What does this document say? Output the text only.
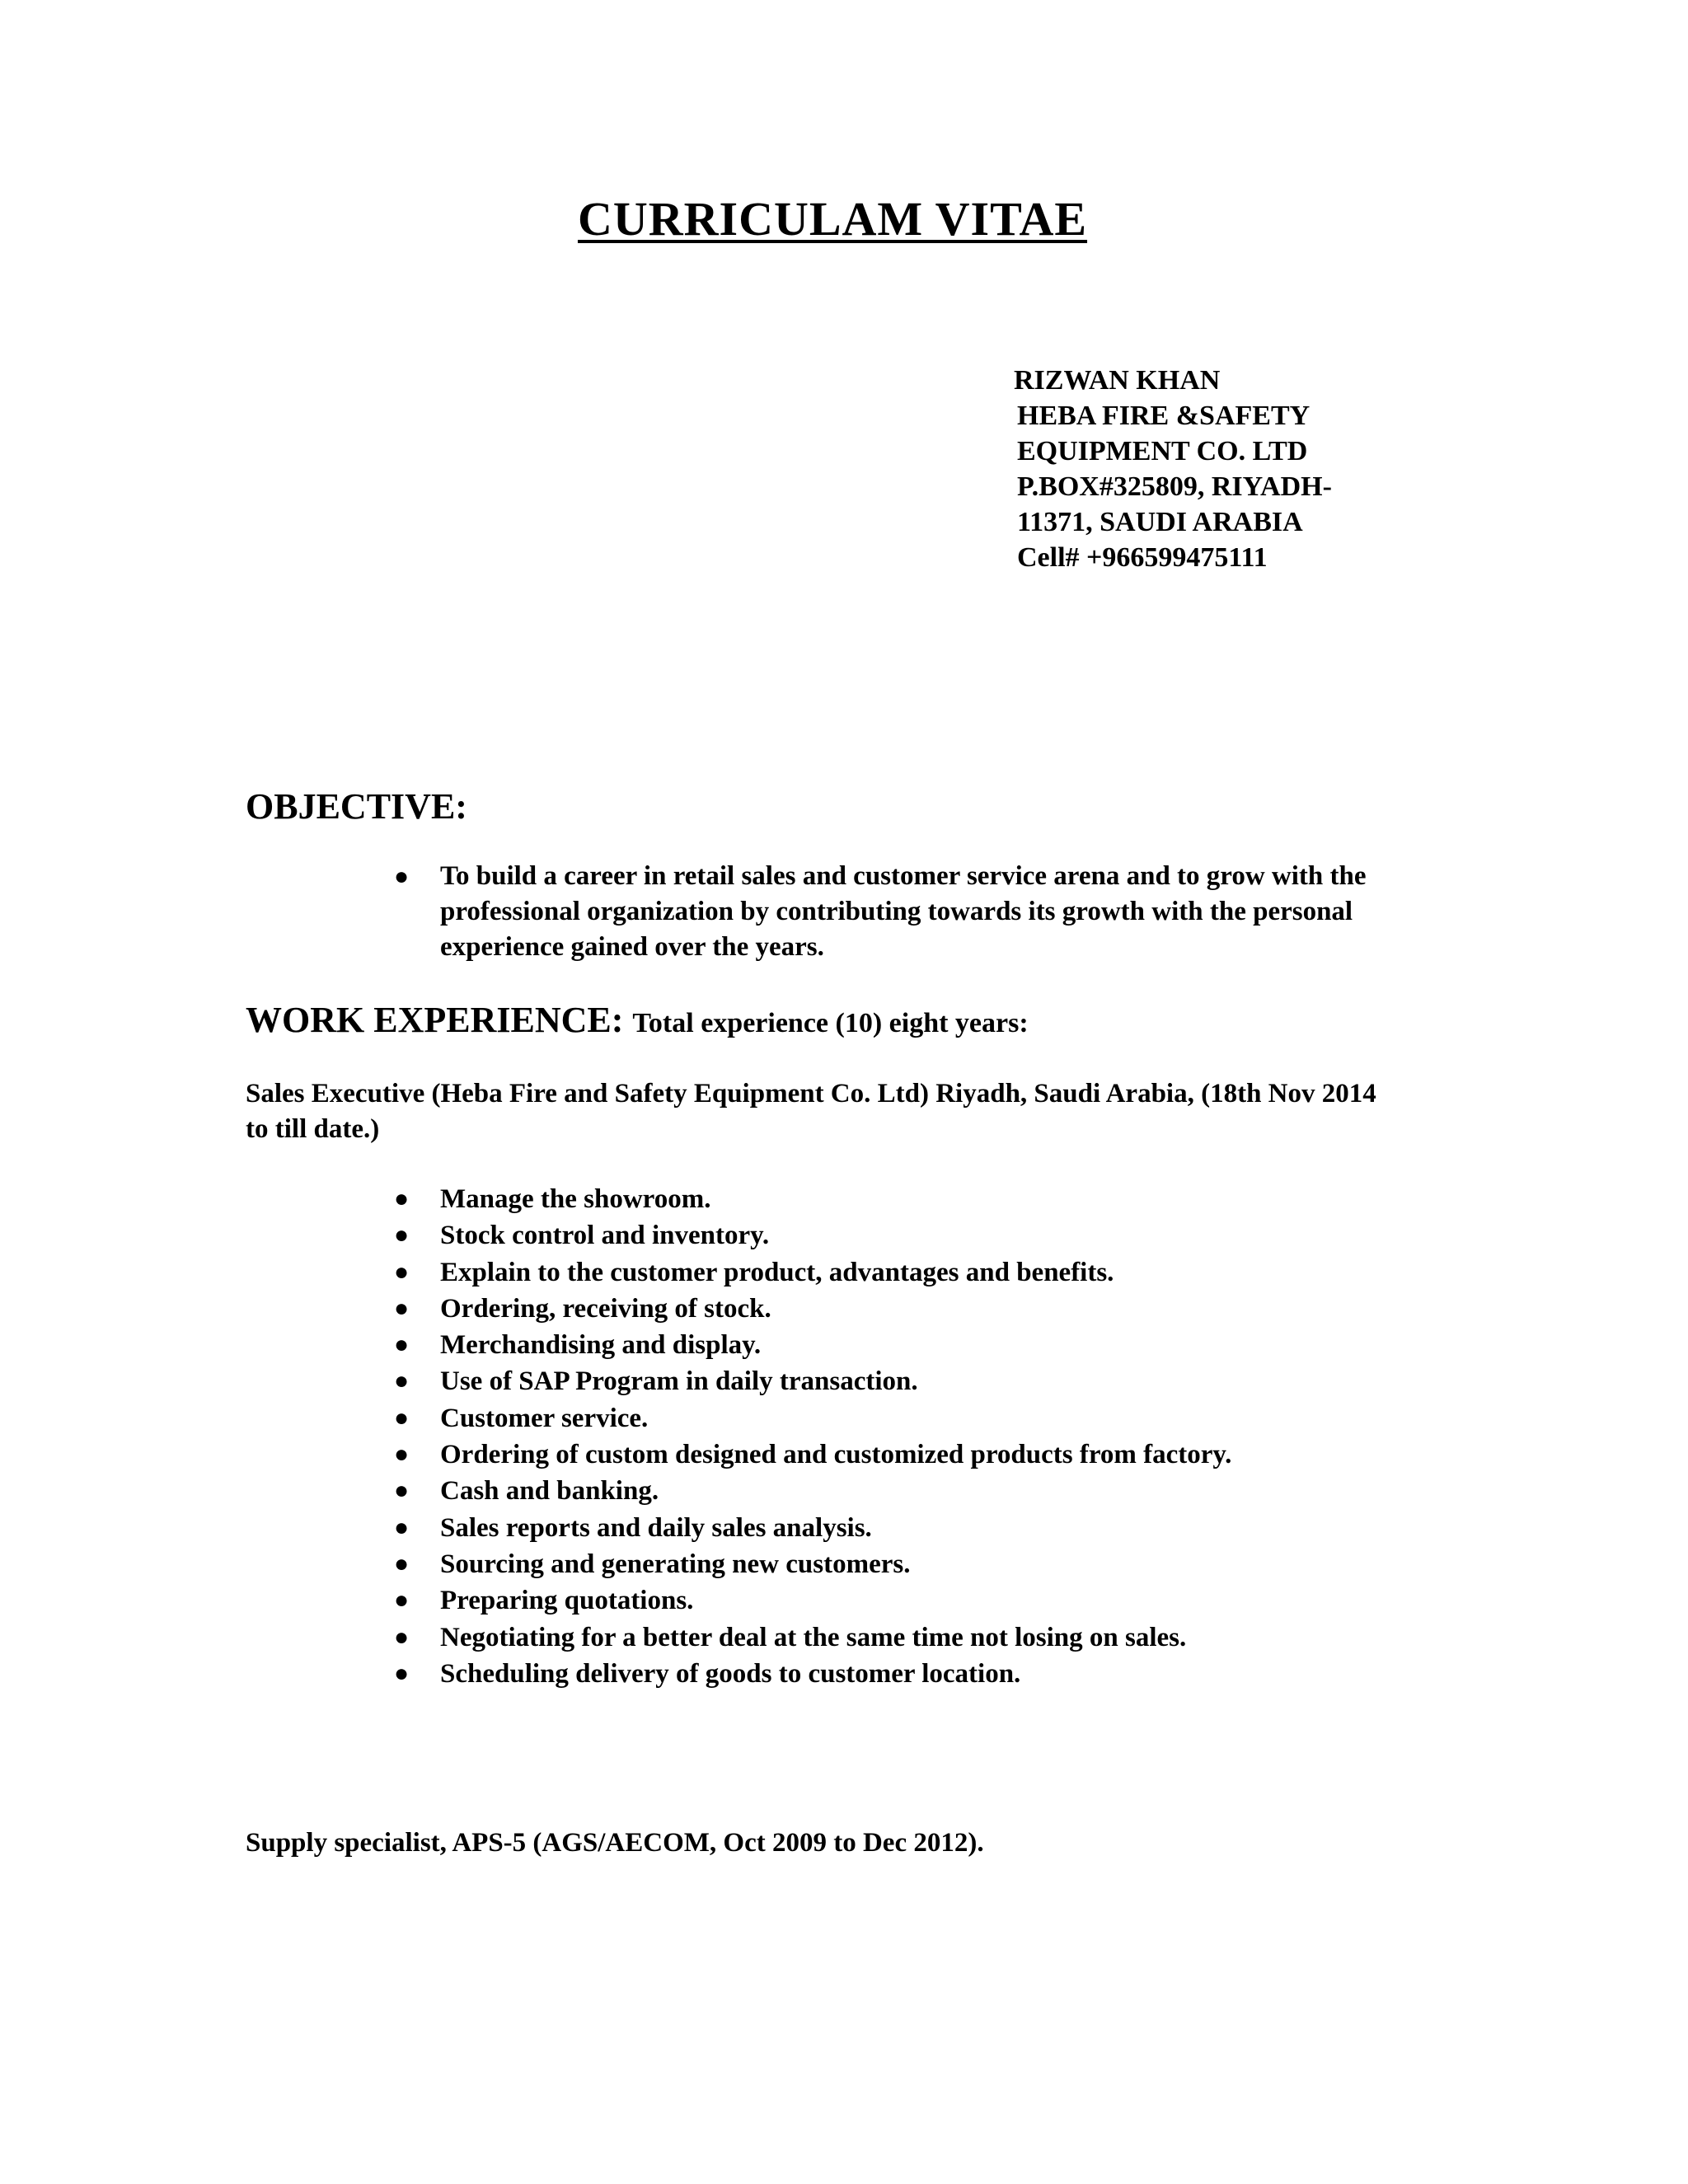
CURRICULAM VITAE
RIZWAN KHAN
HEBA FIRE &SAFETY
EQUIPMENT CO. LTD
P.BOX#325809, RIYADH-
11371, SAUDI ARABIA
Cell# +966599475111
OBJECTIVE:
● To build a career in retail sales and customer service arena and to grow with the professional organization by contributing towards its growth with the personal experience gained over the years.
WORK EXPERIENCE: Total experience (10) eight years:
Sales Executive (Heba Fire and Safety Equipment Co. Ltd) Riyadh, Saudi Arabia, (18th Nov 2014 to till date.)
● Manage the showroom.
● Stock control and inventory.
● Explain to the customer product, advantages and benefits.
● Ordering, receiving of stock.
● Merchandising and display.
● Use of SAP Program in daily transaction.
● Customer service.
● Ordering of custom designed and customized products from factory.
● Cash and banking.
● Sales reports and daily sales analysis.
● Sourcing and generating new customers.
● Preparing quotations.
● Negotiating for a better deal at the same time not losing on sales.
● Scheduling delivery of goods to customer location.
Supply specialist, APS-5 (AGS/AECOM, Oct 2009 to Dec 2012).
